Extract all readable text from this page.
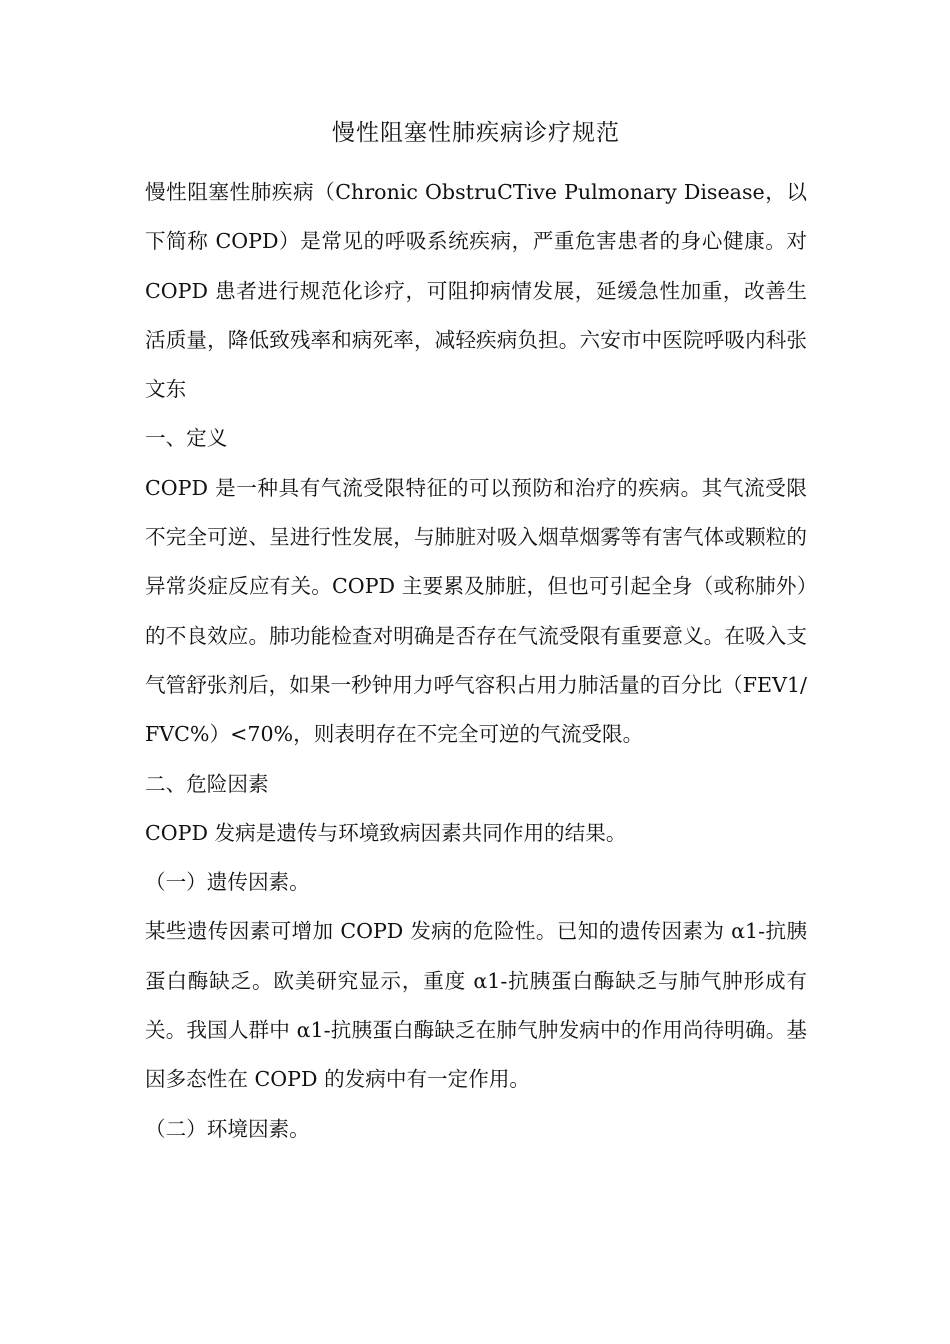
慢性阻塞性肺疾病诊疗规范

慢性阻塞性肺疾病（Chronic ObstruCTive Pulmonary Disease，以下简称 COPD）是常见的呼吸系统疾病，严重危害患者的身心健康。对 COPD 患者进行规范化诊疗，可阻抑病情发展，延缓急性加重，改善生活质量，降低致残率和病死率，减轻疾病负担。六安市中医院呼吸内科张文东

一、定义

COPD 是一种具有气流受限特征的可以预防和治疗的疾病。其气流受限不完全可逆、呈进行性发展，与肺脏对吸入烟草烟雾等有害气体或颗粒的异常炎症反应有关。COPD 主要累及肺脏，但也可引起全身（或称肺外）的不良效应。肺功能检查对明确是否存在气流受限有重要意义。在吸入支气管舒张剂后，如果一秒钟用力呼气容积占用力肺活量的百分比（FEV1/FVC%）<70%，则表明存在不完全可逆的气流受限。

二、危险因素

COPD 发病是遗传与环境致病因素共同作用的结果。

（一）遗传因素。

某些遗传因素可增加 COPD 发病的危险性。已知的遗传因素为 α1-抗胰蛋白酶缺乏。欧美研究显示，重度 α1-抗胰蛋白酶缺乏与肺气肿形成有关。我国人群中 α1-抗胰蛋白酶缺乏在肺气肿发病中的作用尚待明确。基因多态性在 COPD 的发病中有一定作用。

（二）环境因素。
